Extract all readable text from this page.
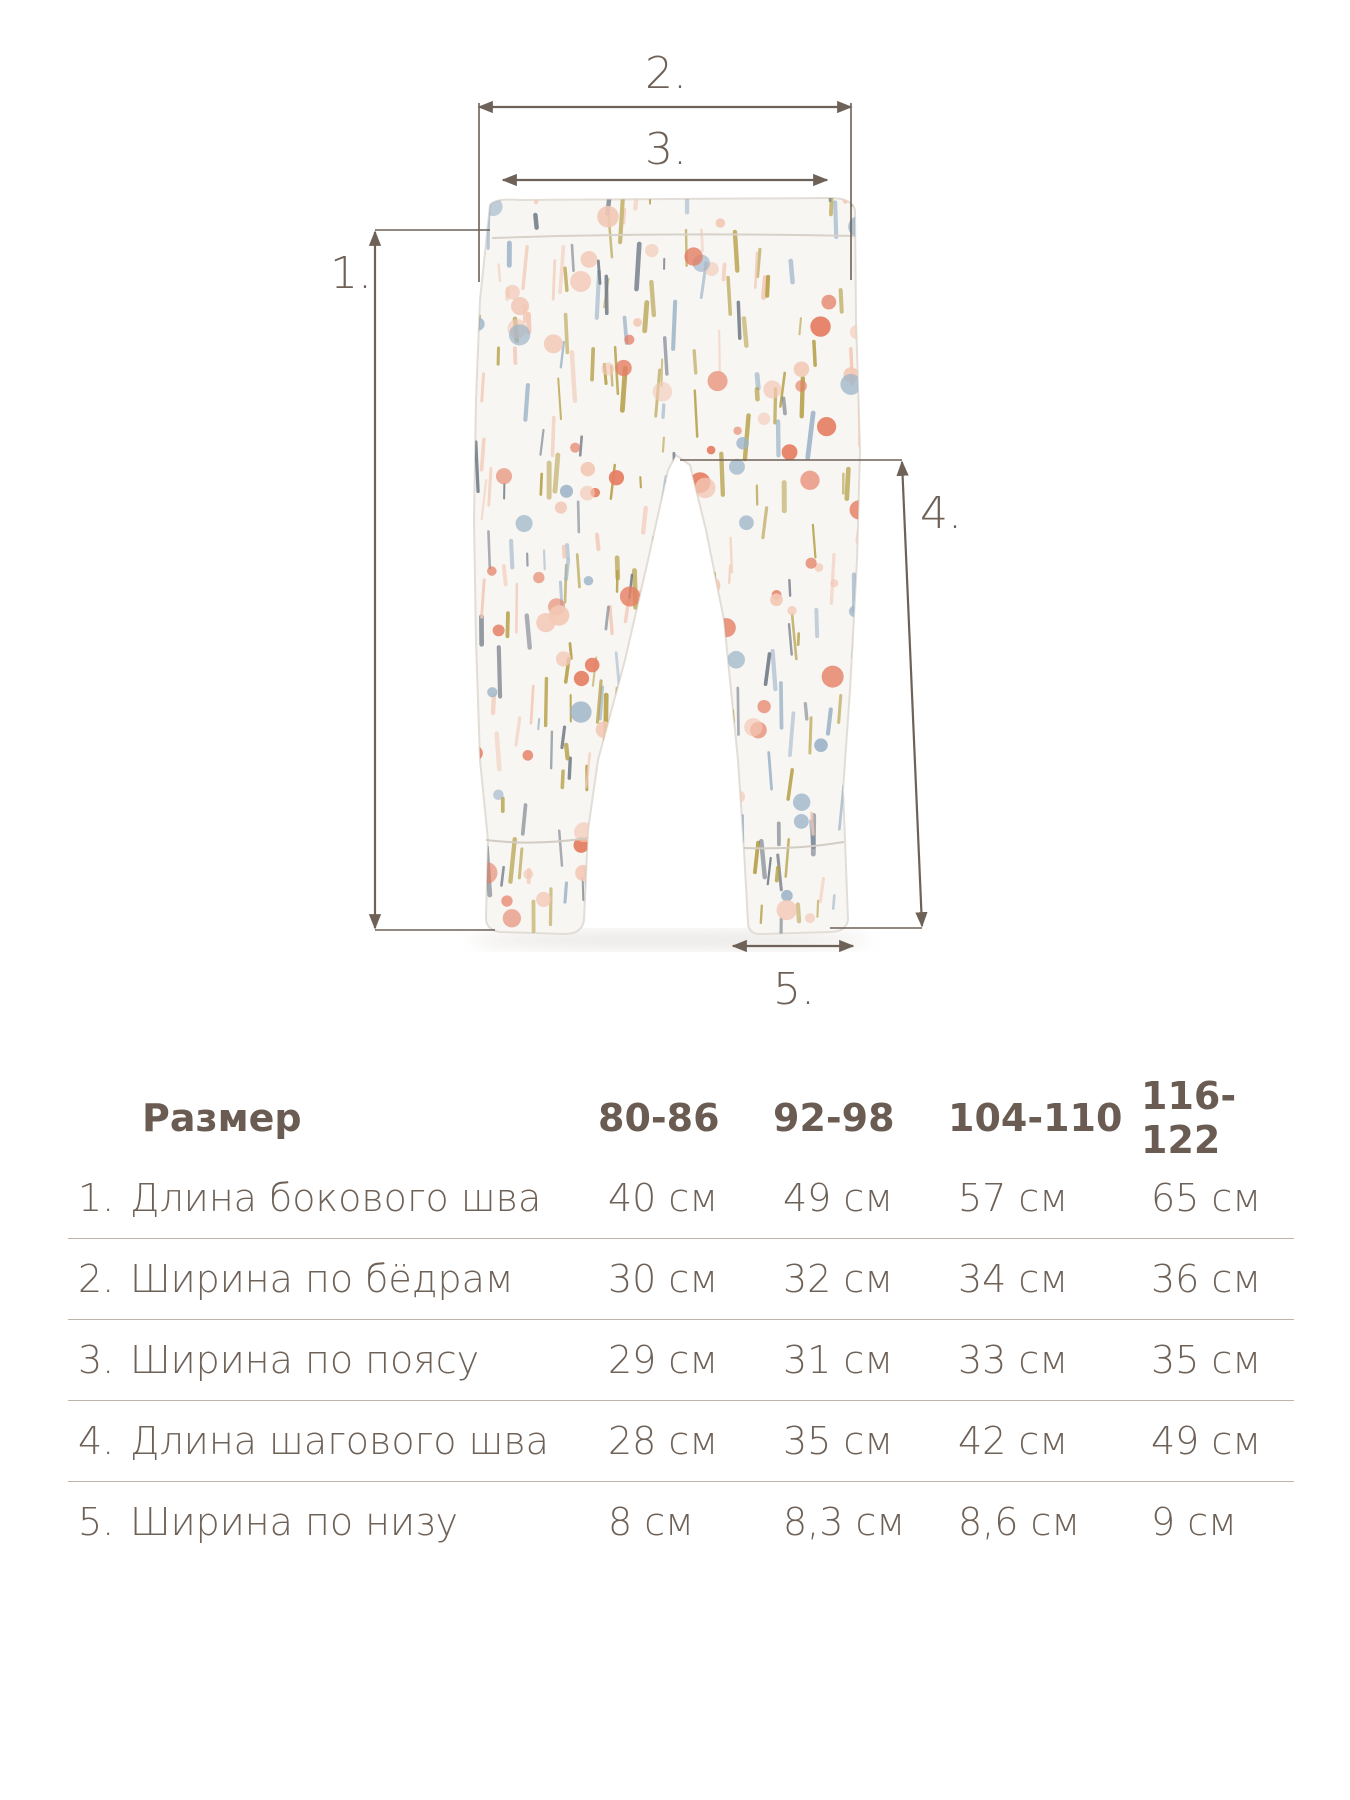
1.
2.
3.
4.
5.
Размер	80-86	92-98	104-110 116-122
1. Длина бокового шва	40 см	49 см	57 см	65 см
2. Ширина по бёдрам	30 см	32 см	34 см	36 см
3. Ширина по поясу	29 см	31 см	33 см	35 см
4. Длина шагового шва	28 см	35 см	42 см	49 см
5. Ширина по низу	8 см	8,3 см	8,6 см	9 см
